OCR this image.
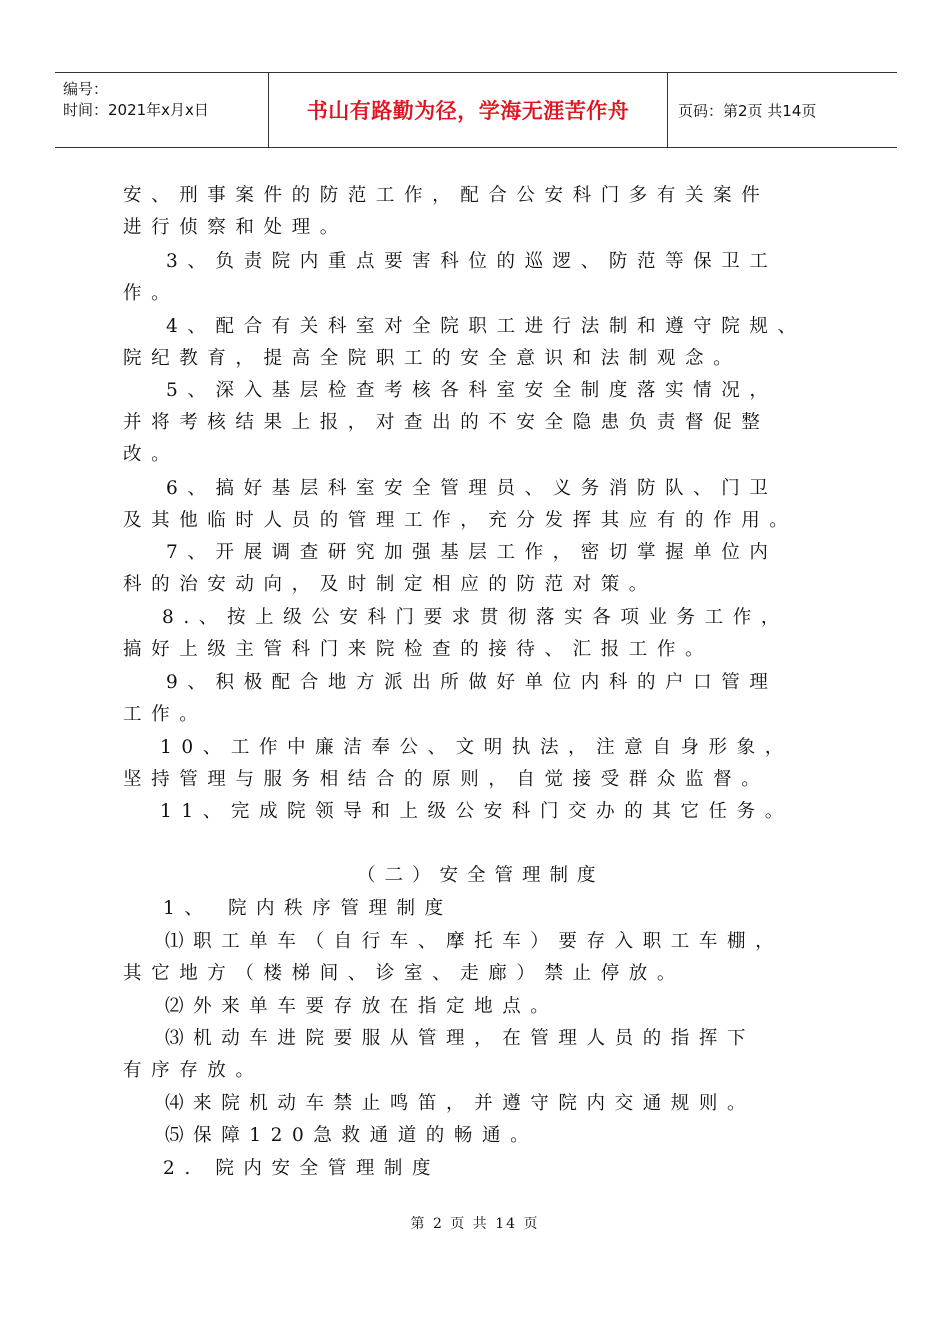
编号：
时间：2021年x月x日	书山有路勤为径，学海无涯苦作舟	页码：第2页 共14页
安、刑事案件的防范工作，配合公安科门多有关案件
进行侦察和处理。
3、负责院内重点要害科位的巡逻、防范等保卫工
作。
4、配合有关科室对全院职工进行法制和遵守院规、
院纪教育，提高全院职工的安全意识和法制观念。
5、深入基层检查考核各科室安全制度落实情况，
并将考核结果上报，对查出的不安全隐患负责督促整
改。
6、搞好基层科室安全管理员、义务消防队、门卫
及其他临时人员的管理工作，充分发挥其应有的作用。
7、开展调查研究加强基层工作，密切掌握单位内
科的治安动向，及时制定相应的防范对策。
8.、按上级公安科门要求贯彻落实各项业务工作，
搞好上级主管科门来院检查的接待、汇报工作。
9、积极配合地方派出所做好单位内科的户口管理
工作。
10、工作中廉洁奉公、文明执法，注意自身形象，
坚持管理与服务相结合的原则，自觉接受群众监督。
11、完成院领导和上级公安科门交办的其它任务。
（二）安全管理制度
1、 院内秩序管理制度
⑴职工单车（自行车、摩托车）要存入职工车棚，
其它地方（楼梯间、诊室、走廊）禁止停放。
⑵外来单车要存放在指定地点。
⑶机动车进院要服从管理，在管理人员的指挥下
有序存放。
⑷来院机动车禁止鸣笛，并遵守院内交通规则。
⑸保障120急救通道的畅通。
2. 院内安全管理制度
第 2 页 共 14 页
